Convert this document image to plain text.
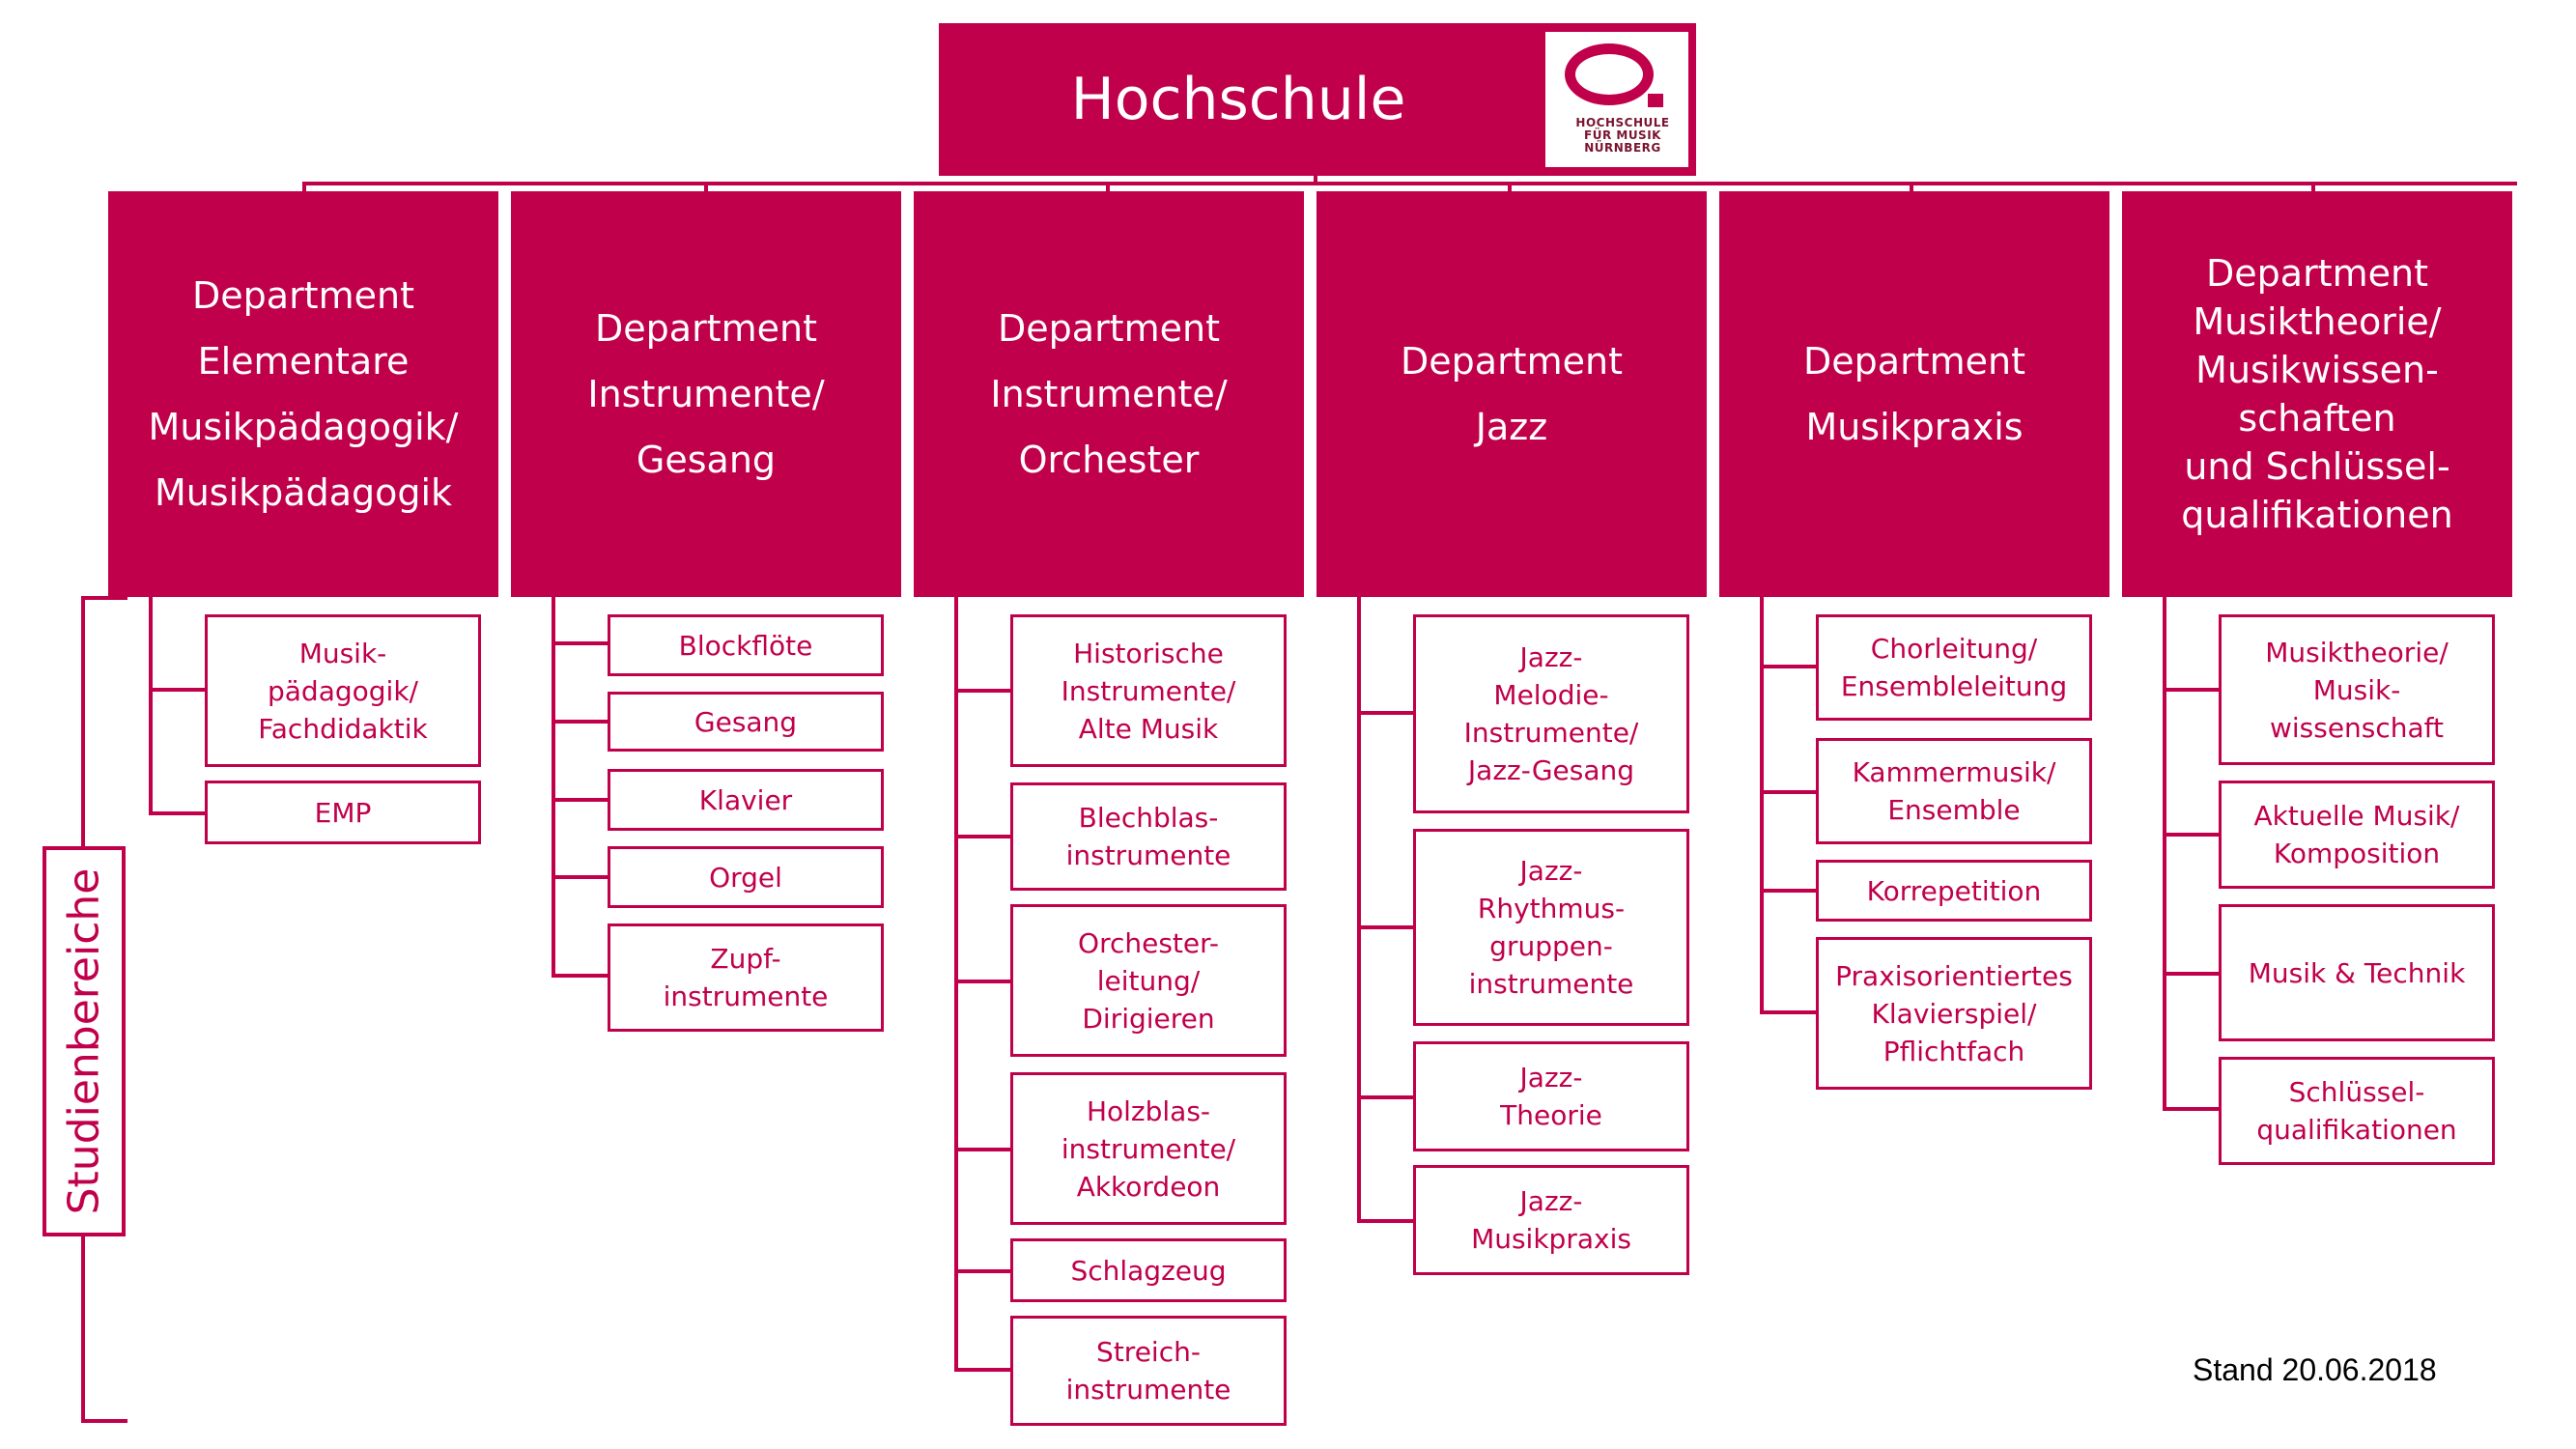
Hochschule	HOCHSCHULE
FÜR MUSIK
NÜRNBERG
Department
Elementare
Musikpädagogik/
Musikpädagogik
Musik-
pädagogik/
Fachdidaktik
EMP
Department
Instrumente/
Gesang
Blockflöte
Gesang
Klavier
Orgel
Zupf-
instrumente
Department
Instrumente/
Orchester
Historische
Instrumente/
Alte Musik
Blechblas-
instrumente
Orchester-
leitung/
Dirigieren
Holzblas-
instrumente/
Akkordeon
Schlagzeug
Streich-
instrumente
Department
Jazz
Jazz-
Melodie-
Instrumente/
Jazz-Gesang
Jazz-
Rhythmus-
gruppen-
instrumente
Jazz-
Theorie
Jazz-
Musikpraxis
Department
Musikpraxis
Chorleitung/
Ensembleleitung
Kammermusik/
Ensemble
Korrepetition
Praxisorientiertes
Klavierspiel/
Pflichtfach
Department
Musiktheorie/
Musikwissen-
schaften
und Schlüssel-
qualifikationen
Musiktheorie/
Musik-
wissenschaft
Aktuelle Musik/
Komposition
Musik & Technik
Schlüssel-
qualifikationen
Studienbereiche
Stand 20.06.2018
